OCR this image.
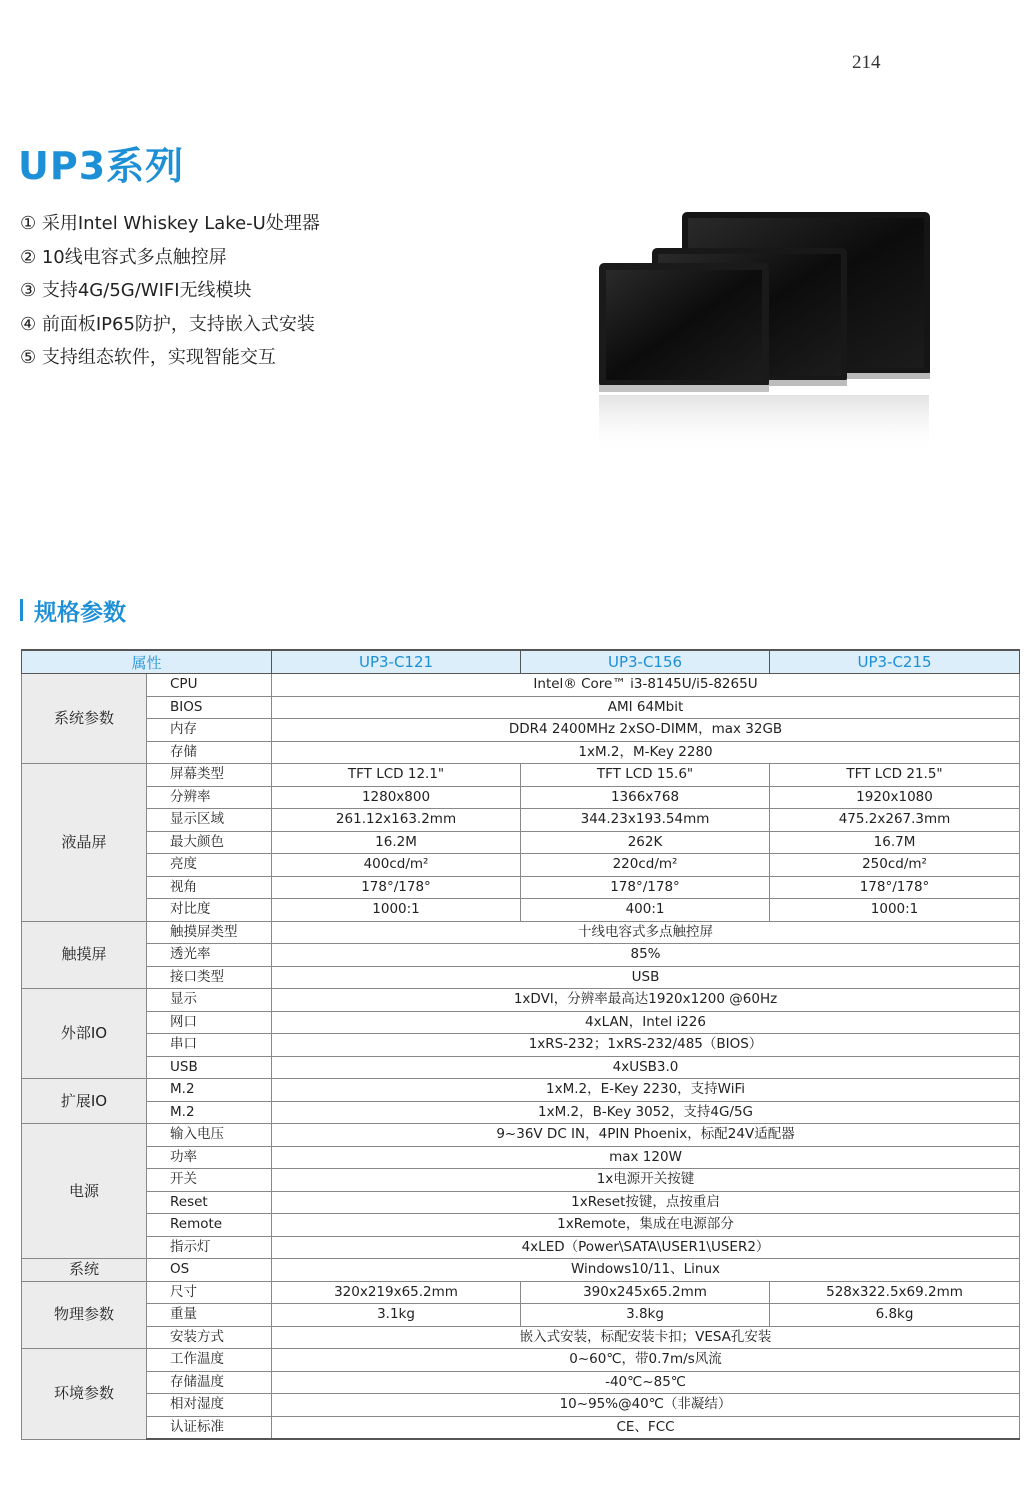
214
UP3系列
① 采用Intel Whiskey Lake-U处理器
② 10线电容式多点触控屏
③ 支持4G/5G/WIFI无线模块
④ 前面板IP65防护，支持嵌入式安装
⑤ 支持组态软件，实现智能交互
规格参数
属性		UP3-C121	UP3-C156	UP3-C215
系统参数	CPU	Intel® Core™ i3-8145U/i5-8265U		
	BIOS	AMI 64Mbit		
	内存	DDR4 2400MHz 2xSO-DIMM，max 32GB		
	存储	1xM.2，M-Key 2280		
液晶屏	屏幕类型	TFT LCD 12.1"	TFT LCD 15.6"	TFT LCD 21.5"
	分辨率	1280x800	1366x768	1920x1080
	显示区域	261.12x163.2mm	344.23x193.54mm	475.2x267.3mm
	最大颜色	16.2M	262K	16.7M
	亮度	400cd/m²	220cd/m²	250cd/m²
	视角	178°/178°	178°/178°	178°/178°
	对比度	1000:1	400:1	1000:1
触摸屏	触摸屏类型	十线电容式多点触控屏		
	透光率	85%		
	接口类型	USB		
外部IO	显示	1xDVI，分辨率最高达1920x1200 @60Hz		
	网口	4xLAN，Intel i226		
	串口	1xRS-232；1xRS-232/485（BIOS）		
	USB	4xUSB3.0		
扩展IO	M.2	1xM.2，E-Key 2230，支持WiFi		
	M.2	1xM.2，B-Key 3052，支持4G/5G		
电源	输入电压	9~36V DC IN，4PIN Phoenix，标配24V适配器		
	功率	max 120W		
	开关	1x电源开关按键		
	Reset	1xReset按键，点按重启		
	Remote	1xRemote，集成在电源部分		
	指示灯	4xLED（Power\SATA\USER1\USER2）		
系统	OS	Windows10/11、Linux		
物理参数	尺寸	320x219x65.2mm	390x245x65.2mm	528x322.5x69.2mm
	重量	3.1kg	3.8kg	6.8kg
	安装方式	嵌入式安装，标配安装卡扣；VESA孔安装		
环境参数	工作温度	0~60℃，带0.7m/s风流		
	存储温度	-40℃~85℃		
	相对湿度	10~95%@40℃（非凝结）		
	认证标准	CE、FCC		
